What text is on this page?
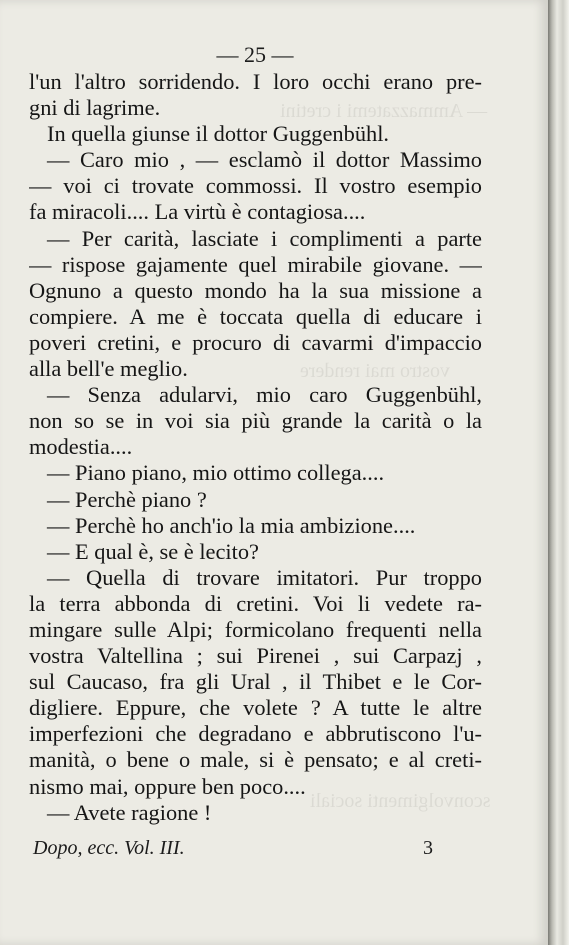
— Ammazzatemi i cretini
vostro mai rendere
sconvolgimenti sociali
— 25 —
l'un l'altro sorridendo. I loro occhi erano pre-
gni di lagrime.
In quella giunse il dottor Guggenbühl.
— Caro mio , — esclamò il dottor Massimo
— voi ci trovate commossi. Il vostro esempio
fa miracoli.... La virtù è contagiosa....
— Per carità, lasciate i complimenti a parte
— rispose gajamente quel mirabile giovane. —
Ognuno a questo mondo ha la sua missione a
compiere. A me è toccata quella di educare i
poveri cretini, e procuro di cavarmi d'impaccio
alla bell'e meglio.
— Senza adularvi, mio caro Guggenbühl,
non so se in voi sia più grande la carità o la
modestia....
— Piano piano, mio ottimo collega....
— Perchè piano ?
— Perchè ho anch'io la mia ambizione....
— E qual è, se è lecito?
— Quella di trovare imitatori. Pur troppo
la terra abbonda di cretini. Voi li vedete ra-
mingare sulle Alpi; formicolano frequenti nella
vostra Valtellina ; sui Pirenei , sui Carpazj ,
sul Caucaso, fra gli Ural , il Thibet e le Cor-
digliere. Eppure, che volete ? A tutte le altre
imperfezioni che degradano e abbrutiscono l'u-
manità, o bene o male, si è pensato; e al creti-
nismo mai, oppure ben poco....
— Avete ragione !
Dopo, ecc. Vol. III.	3
